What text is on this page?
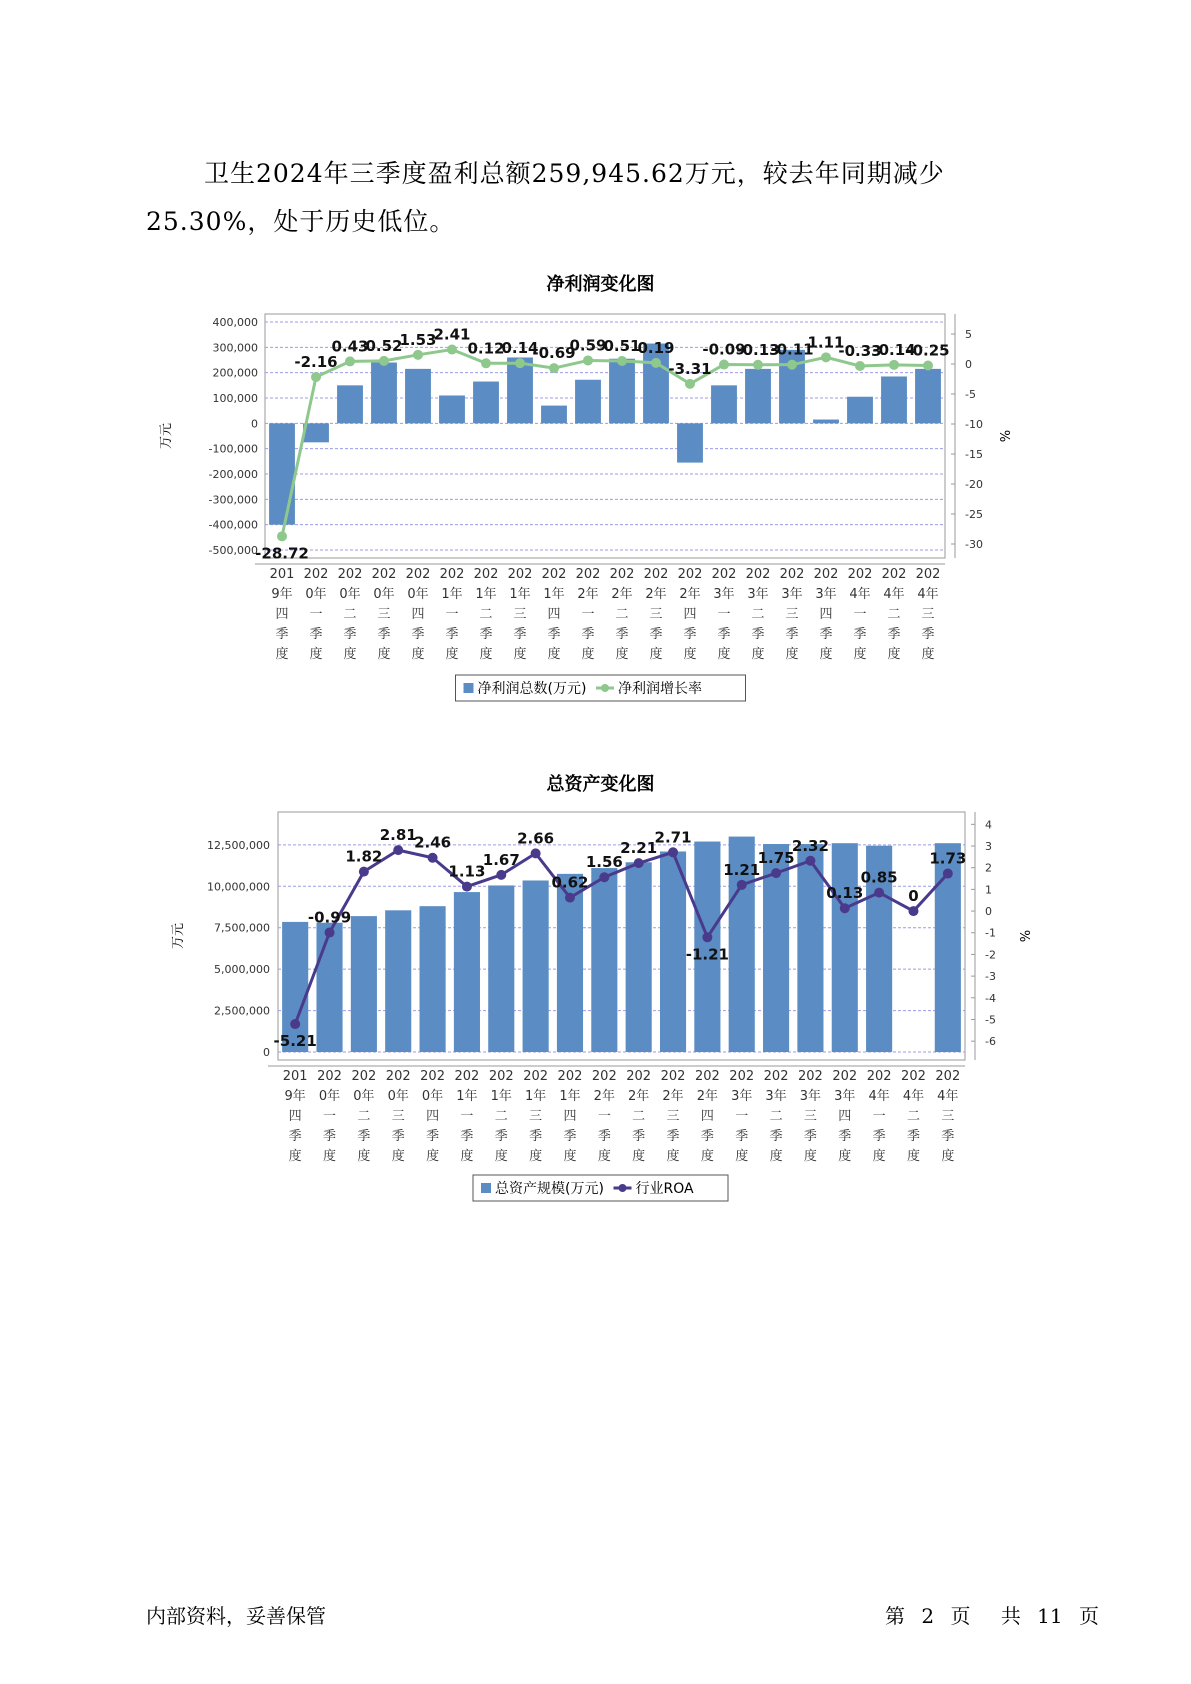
卫生2024年三季度盈利总额259,945.62万元，较去年同期减少25.30%，处于历史低位。

净利润变化图
400,000
300,000
200,000
100,000
0
-100,000
-200,000
-300,000
-400,000
-500,000
万元
5
0
-5
-10
-15
-20
-25
-30
%
-28.72
-2.16
0.43
0.52
1.53
2.41
0.12
0.14
-0.69
0.59
0.51
0.19
-3.31
-0.09
-0.13
-0.11
1.11
-0.33
-0.14
-0.25
201
9年
四
季
度
202
0年
一
季
度
202
0年
二
季
度
202
0年
三
季
度
202
0年
四
季
度
202
1年
一
季
度
202
1年
二
季
度
202
1年
三
季
度
202
1年
四
季
度
202
2年
一
季
度
202
2年
二
季
度
202
2年
三
季
度
202
2年
四
季
度
202
3年
一
季
度
202
3年
二
季
度
202
3年
三
季
度
202
3年
四
季
度
202
4年
一
季
度
202
4年
二
季
度
202
4年
三
季
度
净利润总数(万元) 净利润增长率
总资产变化图
12,500,000
10,000,000
7,500,000
5,000,000
2,500,000
0
万元
4
3
2
1
0
-1
-2
-3
-4
-5
-6
%
-5.21
-0.99
1.82
2.81
2.46
1.13
1.67
2.66
0.62
1.56
2.21
2.71
-1.21
1.21
1.75
2.32
0.13
0.85
0
1.73
201
9年
四
季
度
202
0年
一
季
度
202
0年
二
季
度
202
0年
三
季
度
202
0年
四
季
度
202
1年
一
季
度
202
1年
二
季
度
202
1年
三
季
度
202
1年
四
季
度
202
2年
一
季
度
202
2年
二
季
度
202
2年
三
季
度
202
2年
四
季
度
202
3年
一
季
度
202
3年
二
季
度
202
3年
三
季
度
202
3年
四
季
度
202
4年
一
季
度
202
4年
二
季
度
202
4年
三
季
度
总资产规模(万元) 行业ROA
内部资料，妥善保管	第 2 页 共 11 页
